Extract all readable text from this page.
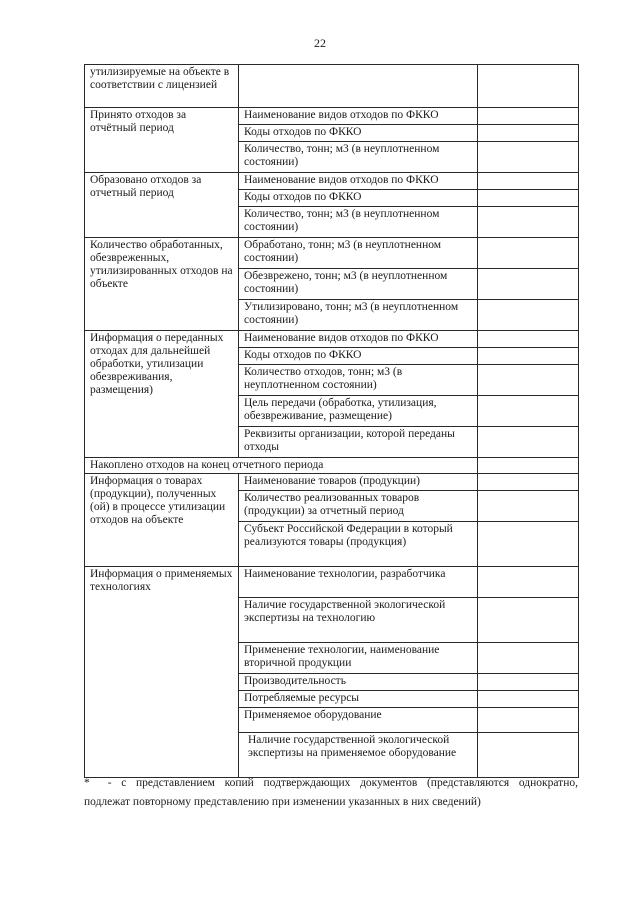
22
утилизируемые на объекте в соответствии с лицензией		
Принято отходов за отчётный период	Наименование видов отходов по ФККО	
	Коды отходов по ФККО	
	Количество, тонн; м3 (в неуплотненном состоянии)	
Образовано отходов за отчетный период	Наименование видов отходов по ФККО	
	Коды отходов по ФККО	
	Количество, тонн; м3 (в неуплотненном состоянии)	
Количество обработанных, обезвреженных, утилизированных отходов на объекте	Обработано, тонн; м3 (в неуплотненном состоянии)	
	Обезврежено, тонн; м3 (в неуплотненном состоянии)	
	Утилизировано, тонн; м3 (в неуплотненном состоянии)	
Информация о переданных отходах для дальнейшей обработки, утилизации обезвреживания, размещения)	Наименование видов отходов по ФККО	
	Коды отходов по ФККО	
	Количество отходов, тонн; м3 (в неуплотненном состоянии)	
	Цель передачи (обработка, утилизация, обезвреживание, размещение)	
	Реквизиты организации, которой переданы отходы	
Накоплено отходов на конец отчетного периода		
Информация о товарах (продукции), полученных (ой) в процессе утилизации отходов на объекте	Наименование товаров (продукции)	
	Количество реализованных товаров (продукции) за отчетный период	
	Субъект Российской Федерации в который реализуются товары (продукция)	
Информация о применяемых технологиях	Наименование технологии, разработчика	
	Наличие государственной экологической экспертизы на технологию	
	Применение технологии, наименование вторичной продукции	
	Производительность	
	Потребляемые ресурсы	
	Применяемое оборудование	
	Наличие государственной экологической экспертизы на применяемое оборудование	
* - с представлением копий подтверждающих документов (представляются однократно, подлежат повторному представлению при изменении указанных в них сведений)
